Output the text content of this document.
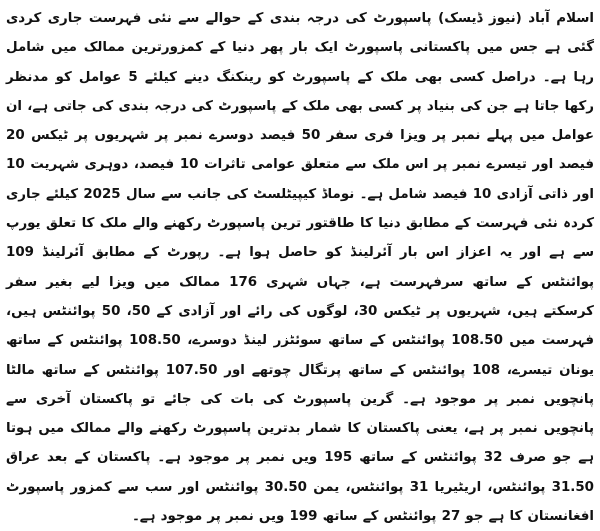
اسلام آباد (نیوز ڈیسک) پاسپورٹ کی درجہ بندی کے حوالے سے نئی فہرست جاری کردی گئی ہے جس میں پاکستانی پاسپورٹ ایک بار پھر دنیا کے کمزورترین ممالک میں شامل رہا ہے۔ دراصل کسی بھی ملک کے پاسپورٹ کو رینکنگ دینے کیلئے 5 عوامل کو مدنظر رکھا جاتا ہے جن کی بنیاد پر کسی بھی ملک کے پاسپورٹ کی درجہ بندی کی جاتی ہے، ان عوامل میں پہلے نمبر پر ویزا فری سفر 50 فیصد دوسرے نمبر پر شہریوں پر ٹیکس 20 فیصد اور تیسرے نمبر پر اس ملک سے متعلق عوامی تاثرات 10 فیصد، دوہری شہریت 10 اور ذاتی آزادی 10 فیصد شامل ہے۔ نوماڈ کیپیٹلسٹ کی جانب سے سال 2025 کیلئے جاری کردہ نئی فہرست کے مطابق دنیا کا طاقتور ترین پاسپورٹ رکھنے والے ملک کا تعلق یورپ سے ہے اور یہ اعزاز اس بار آئرلینڈ کو حاصل ہوا ہے۔ رپورٹ کے مطابق آئرلینڈ 109 پوائنٹس کے ساتھ سرفہرست ہے، جہاں شہری 176 ممالک میں ویزا لیے بغیر سفر کرسکتے ہیں، شہریوں پر ٹیکس 30، لوگوں کی رائے اور آزادی کے 50، 50 پوائنٹس ہیں، فہرست میں 108.50 پوائنٹس کے ساتھ سوئٹزر لینڈ دوسرے، 108.50 پوائنٹس کے ساتھ یونان تیسرے، 108 پوائنٹس کے ساتھ پرتگال چوتھے اور 107.50 پوائنٹس کے ساتھ مالٹا پانچویں نمبر پر موجود ہے۔ گرین پاسپورٹ کی بات کی جائے تو پاکستان آخری سے پانچویں نمبر پر ہے، یعنی پاکستان کا شمار بدترین پاسپورٹ رکھنے والے ممالک میں ہوتا ہے جو صرف 32 پوائنٹس کے ساتھ 195 ویں نمبر پر موجود ہے۔ پاکستان کے بعد عراق 31.50 پوائنٹس، اریٹیریا 31 پوائنٹس، یمن 30.50 پوائنٹس اور سب سے کمزور پاسپورٹ افغانستان کا ہے جو 27 پوائنٹس کے ساتھ 199 ویں نمبر پر موجود ہے۔
